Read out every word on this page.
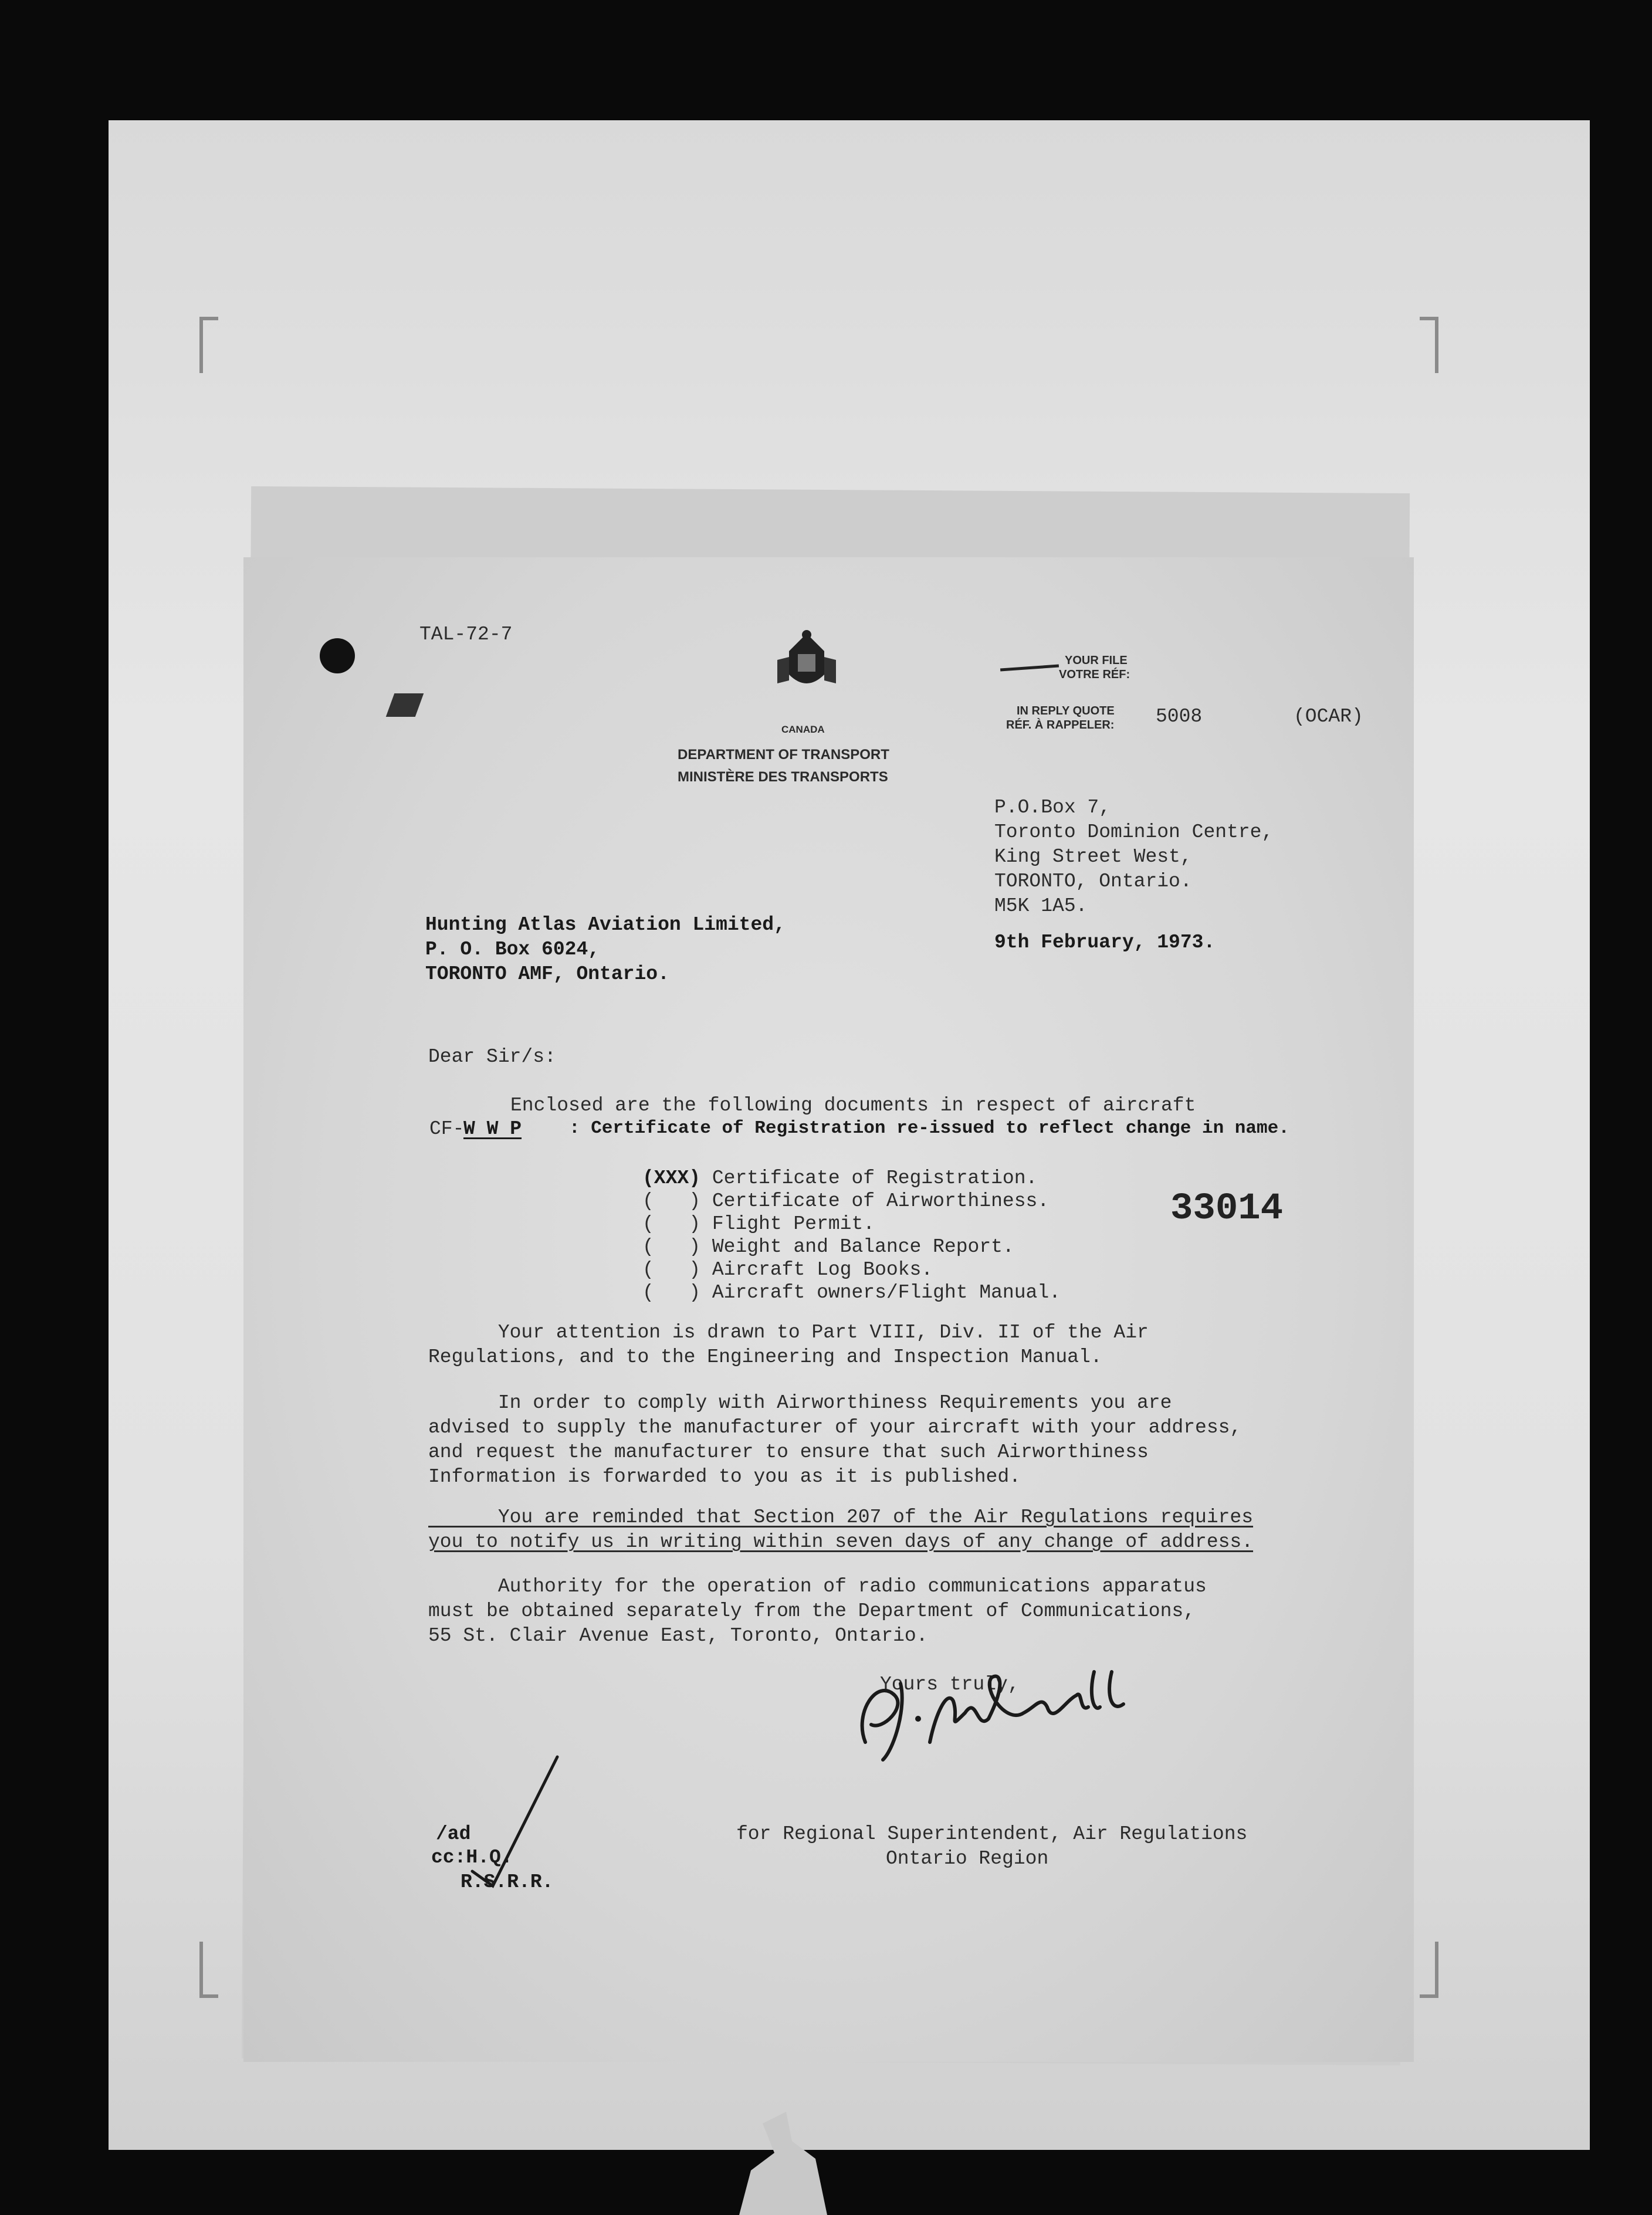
TAL-72-7
CANADA
DEPARTMENT OF TRANSPORT
MINISTÈRE DES TRANSPORTS
YOUR FILE
VOTRE RÉF:
IN REPLY QUOTE
RÉF. À RAPPELER: 5008	(OCAR)
P.O.Box 7,
Toronto Dominion Centre,
King Street West,
TORONTO, Ontario.
M5K 1A5.
9th February, 1973.
Hunting Atlas Aviation Limited,
P. O. Box 6024,
TORONTO AMF, Ontario.
Dear Sir/s:
Enclosed are the following documents in respect of aircraft
CF-
W W P	: Certificate of Registration re-issued to reflect change in name.
(XXX) Certificate of Registration.
(   ) Certificate of Airworthiness.
(   ) Flight Permit.
(   ) Weight and Balance Report.
(   ) Aircraft Log Books.
(   ) Aircraft owners/Flight Manual.
33014
Your attention is drawn to Part VIII, Div. II of the Air
Regulations, and to the Engineering and Inspection Manual.
In order to comply with Airworthiness Requirements you are
advised to supply the manufacturer of your aircraft with your address,
and request the manufacturer to ensure that such Airworthiness
Information is forwarded to you as it is published.
You are reminded that Section 207 of the Air Regulations requires
you to notify us in writing within seven days of any change of address.
Authority for the operation of radio communications apparatus
must be obtained separately from the Department of Communications,
55 St. Clair Avenue East, Toronto, Ontario.
Yours truly,
for Regional Superintendent, Air Regulations
Ontario Region
/ad
cc:H.Q.
R.S.R.R.
